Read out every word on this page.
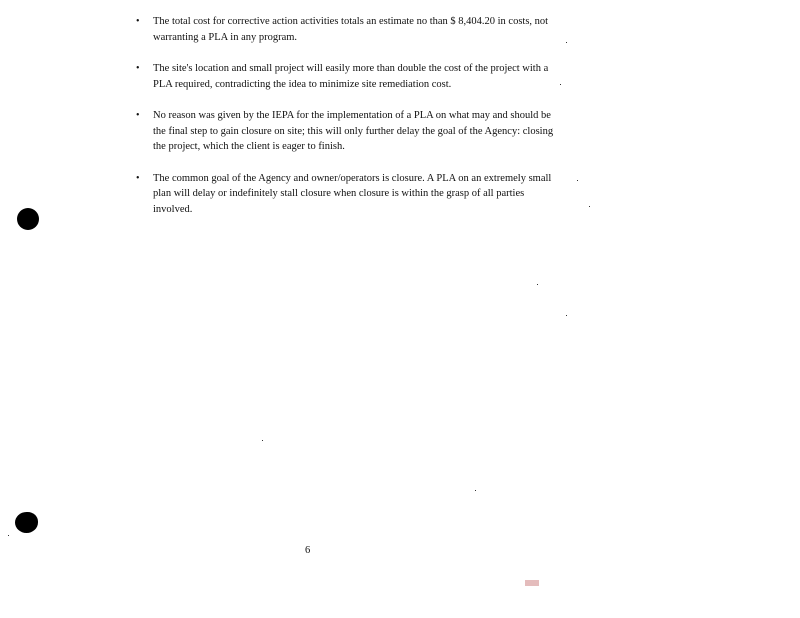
• The total cost for corrective action activities totals an estimate no than $ 8,404.20 in costs, not warranting a PLA in any program.
• The site's location and small project will easily more than double the cost of the project with a PLA required, contradicting the idea to minimize site remediation cost.
• No reason was given by the IEPA for the implementation of a PLA on what may and should be the final step to gain closure on site; this will only further delay the goal of the Agency: closing the project, which the client is eager to finish.
• The common goal of the Agency and owner/operators is closure. A PLA on an extremely small plan will delay or indefinitely stall closure when closure is within the grasp of all parties involved.
6
